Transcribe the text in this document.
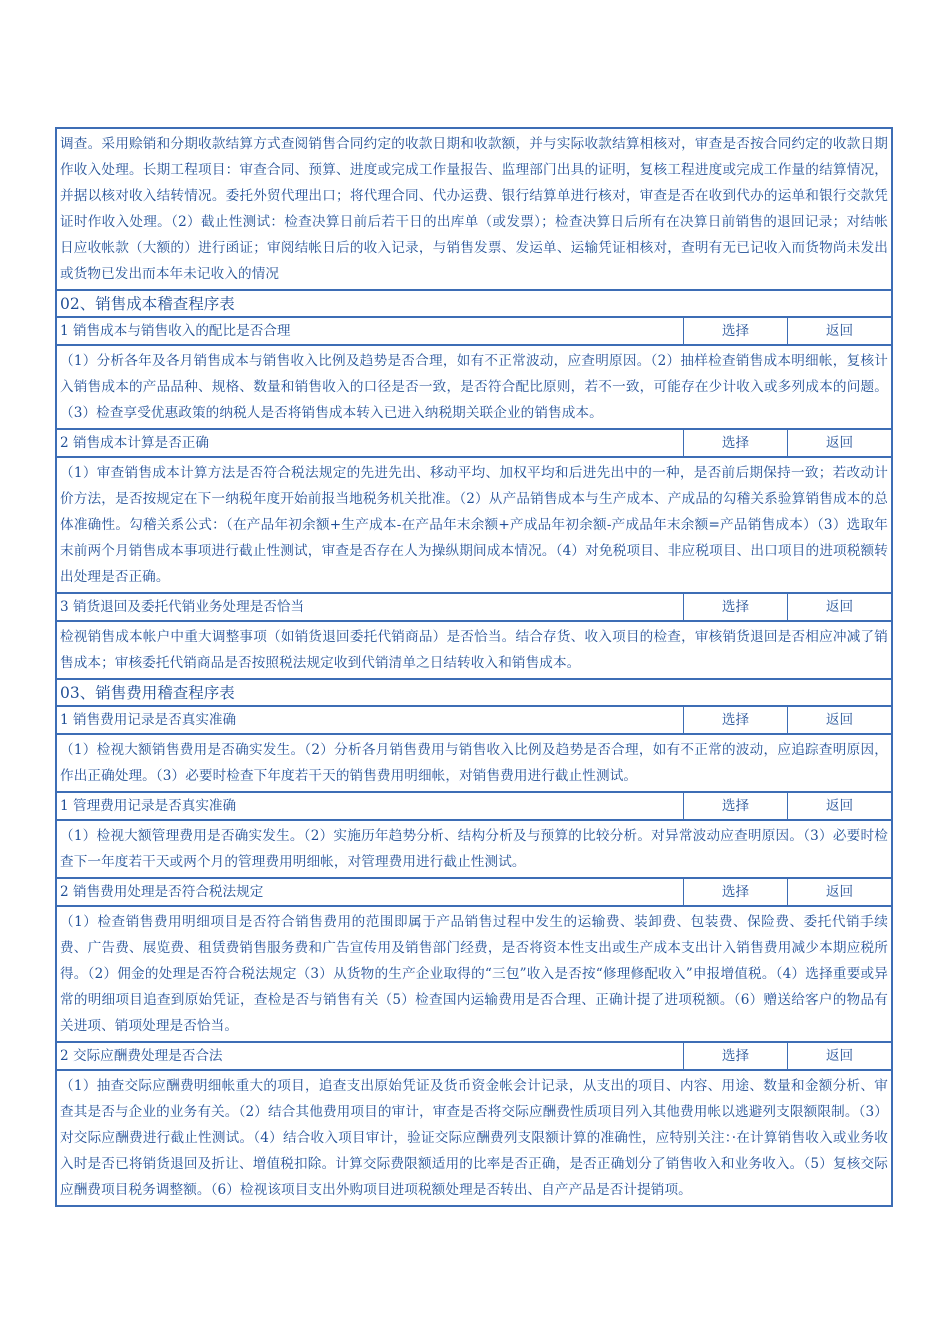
调查。采用赊销和分期收款结算方式查阅销售合同约定的收款日期和收款额，并与实际收款结算相核对，审查是否按合同约定的收款日期作收入处理。长期工程项目：审查合同、预算、进度或完成工作量报告、监理部门出具的证明，复核工程进度或完成工作量的结算情况，并据以核对收入结转情况。委托外贸代理出口；将代理合同、代办运费、银行结算单进行核对，审查是否在收到代办的运单和银行交款凭证时作收入处理。（2）截止性测试：检查决算日前后若干日的出库单（或发票）；检查决算日后所有在决算日前销售的退回记录；对结帐日应收帐款（大额的）进行函证；审阅结帐日后的收入记录，与销售发票、发运单、运输凭证相核对，查明有无已记收入而货物尚未发出或货物已发出而本年未记收入的情况
02、销售成本稽查程序表
1 销售成本与销售收入的配比是否合理	选择	返回
（1）分析各年及各月销售成本与销售收入比例及趋势是否合理，如有不正常波动，应查明原因。（2）抽样检查销售成本明细帐，复核计入销售成本的产品品种、规格、数量和销售收入的口径是否一致，是否符合配比原则，若不一致，可能存在少计收入或多列成本的问题。（3）检查享受优惠政策的纳税人是否将销售成本转入已进入纳税期关联企业的销售成本。
2 销售成本计算是否正确	选择	返回
（1）审查销售成本计算方法是否符合税法规定的先进先出、移动平均、加权平均和后进先出中的一种，是否前后期保持一致；若改动计价方法，是否按规定在下一纳税年度开始前报当地税务机关批准。（2）从产品销售成本与生产成本、产成品的勾稽关系验算销售成本的总体准确性。勾稽关系公式：（在产品年初余额+生产成本-在产品年末余额+产成品年初余额-产成品年末余额=产品销售成本）（3）选取年末前两个月销售成本事项进行截止性测试，审查是否存在人为操纵期间成本情况。（4）对免税项目、非应税项目、出口项目的进项税额转出处理是否正确。
3 销货退回及委托代销业务处理是否恰当	选择	返回
检视销售成本帐户中重大调整事项（如销货退回委托代销商品）是否恰当。结合存货、收入项目的检查，审核销货退回是否相应冲减了销售成本；审核委托代销商品是否按照税法规定收到代销清单之日结转收入和销售成本。
03、销售费用稽查程序表
1 销售费用记录是否真实准确	选择	返回
（1）检视大额销售费用是否确实发生。（2）分析各月销售费用与销售收入比例及趋势是否合理，如有不正常的波动，应追踪查明原因，作出正确处理。（3）必要时检查下年度若干天的销售费用明细帐，对销售费用进行截止性测试。
1 管理费用记录是否真实准确	选择	返回
（1）检视大额管理费用是否确实发生。（2）实施历年趋势分析、结构分析及与预算的比较分析。对异常波动应查明原因。（3）必要时检查下一年度若干天或两个月的管理费用明细帐，对管理费用进行截止性测试。
2 销售费用处理是否符合税法规定	选择	返回
（1）检查销售费用明细项目是否符合销售费用的范围即属于产品销售过程中发生的运输费、装卸费、包装费、保险费、委托代销手续费、广告费、展览费、租赁费销售服务费和广告宣传用及销售部门经费，是否将资本性支出或生产成本支出计入销售费用减少本期应税所得。（2）佣金的处理是否符合税法规定（3）从货物的生产企业取得的“三包”收入是否按“修理修配收入”申报增值税。（4）选择重要或异常的明细项目追查到原始凭证，查检是否与销售有关（5）检查国内运输费用是否合理、正确计提了进项税额。（6）赠送给客户的物品有关进项、销项处理是否恰当。
2 交际应酬费处理是否合法	选择	返回
（1）抽查交际应酬费明细帐重大的项目，追查支出原始凭证及货币资金帐会计记录，从支出的项目、内容、用途、数量和金额分析、审查其是否与企业的业务有关。（2）结合其他费用项目的审计，审查是否将交际应酬费性质项目列入其他费用帐以逃避列支限额限制。（3）对交际应酬费进行截止性测试。（4）结合收入项目审计，验证交际应酬费列支限额计算的准确性，应特别关注：·在计算销售收入或业务收入时是否已将销货退回及折让、增值税扣除。计算交际费限额适用的比率是否正确，是否正确划分了销售收入和业务收入。（5）复核交际应酬费项目税务调整额。（6）检视该项目支出外购项目进项税额处理是否转出、自产产品是否计提销项。
